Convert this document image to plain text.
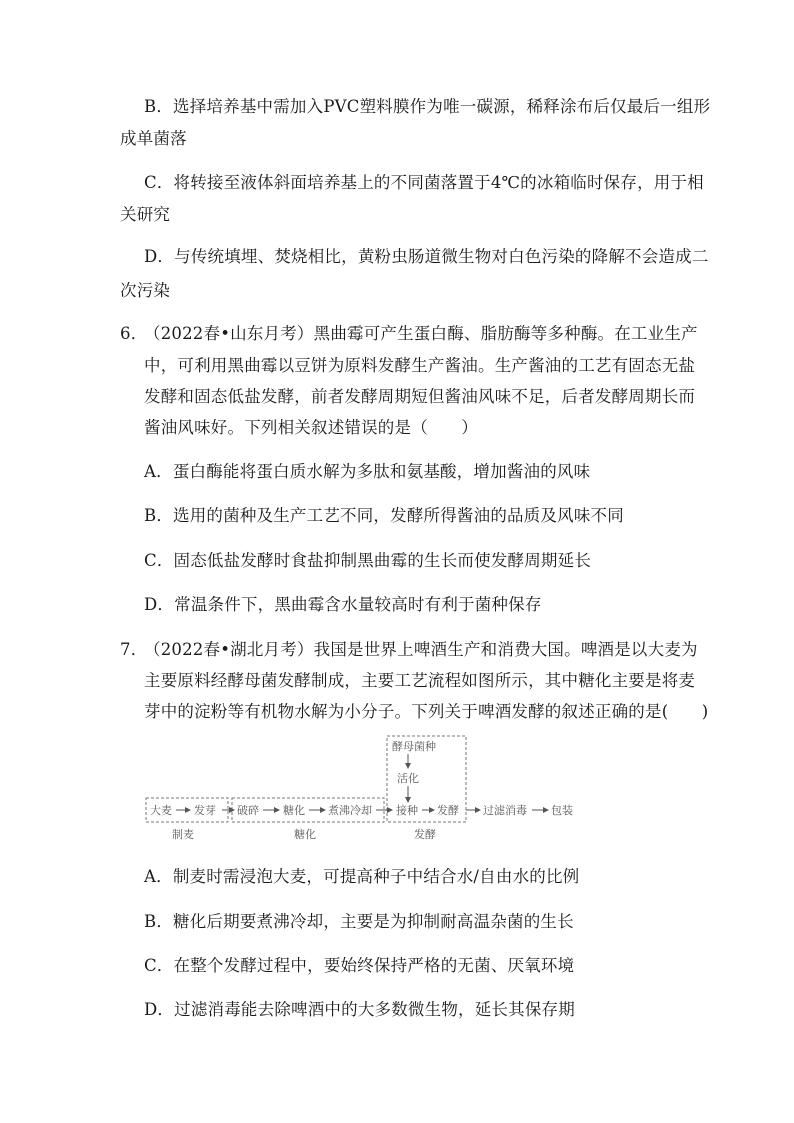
B．选择培养基中需加入PVC塑料膜作为唯一碳源，稀释涂布后仅最后一组形
成单菌落
C．将转接至液体斜面培养基上的不同菌落置于4℃的冰箱临时保存，用于相
关研究
D．与传统填埋、焚烧相比，黄粉虫肠道微生物对白色污染的降解不会造成二
次污染
6．（2022春•山东月考）黑曲霉可产生蛋白酶、脂肪酶等多种酶。在工业生产
中，可利用黑曲霉以豆饼为原料发酵生产酱油。生产酱油的工艺有固态无盐
发酵和固态低盐发酵，前者发酵周期短但酱油风味不足，后者发酵周期长而
酱油风味好。下列相关叙述错误的是（　　）
A．蛋白酶能将蛋白质水解为多肽和氨基酸，增加酱油的风味
B．选用的菌种及生产工艺不同，发酵所得酱油的品质及风味不同
C．固态低盐发酵时食盐抑制黑曲霉的生长而使发酵周期延长
D．常温条件下，黑曲霉含水量较高时有利于菌种保存
7．（2022春•湖北月考）我国是世界上啤酒生产和消费大国。啤酒是以大麦为
主要原料经酵母菌发酵制成，主要工艺流程如图所示，其中糖化主要是将麦
芽中的淀粉等有机物水解为小分子。下列关于啤酒发酵的叙述正确的是(　　)
酵母菌种
活化
大麦 发芽 破碎 糖化 煮沸冷却 接种 发酵 过滤消毒 包装
制麦	糖化	发酵
A．制麦时需浸泡大麦，可提高种子中结合水/自由水的比例
B．糖化后期要煮沸冷却，主要是为抑制耐高温杂菌的生长
C．在整个发酵过程中，要始终保持严格的无菌、厌氧环境
D．过滤消毒能去除啤酒中的大多数微生物，延长其保存期
